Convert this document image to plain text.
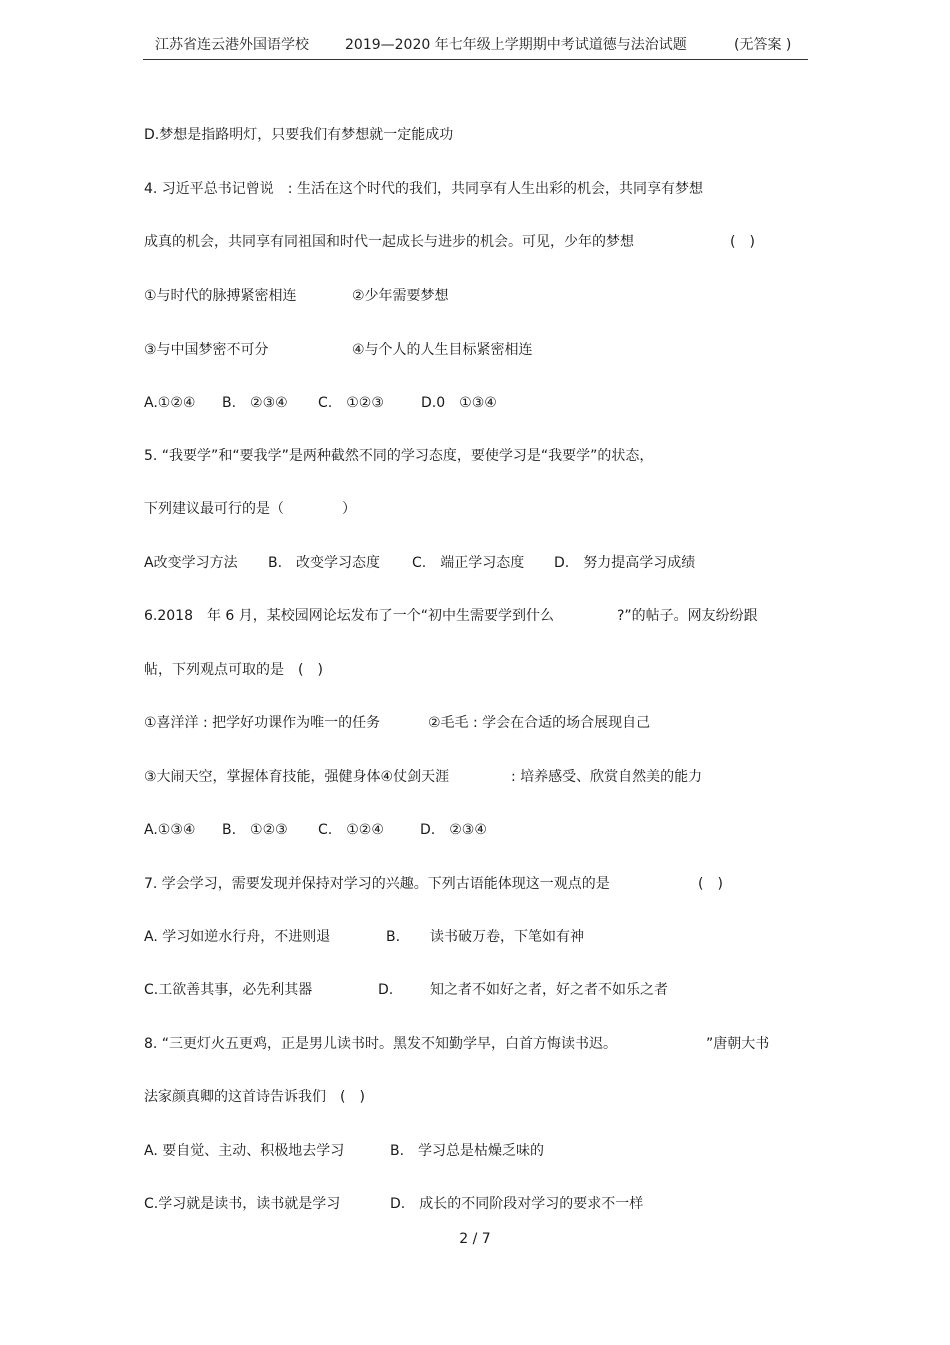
江苏省连云港外国语学校	2019—2020 年七年级上学期期中考试道德与法治试题	(无答案 )
D.梦想是指路明灯，只要我们有梦想就一定能成功
4. 习近平总书记曾说　: 生活在这个时代的我们，共同享有人生出彩的机会，共同享有梦想
成真的机会，共同享有同祖国和时代一起成长与进步的机会。可见，少年的梦想	(　)
①与时代的脉搏紧密相连	②少年需要梦想
③与中国梦密不可分	④与个人的人生目标紧密相连
A.①②④ B.　②③④ C.　①②③	D.0　①③④
5. “我要学”和“要我学”是两种截然不同的学习态度，要使学习是“我要学”的状态，
下列建议最可行的是（	）
A改变学习方法 B.　改变学习态度 C.　端正学习态度 D.　努力提高学习成绩
6.2018　年 6 月，某校园网论坛发布了一个“初中生需要学到什么	?”的帖子。网友纷纷跟
帖，下列观点可取的是　(　)
①喜洋洋 : 把学好功课作为唯一的任务	②毛毛 : 学会在合适的场合展现自己
③大闹天空，掌握体育技能，强健身体④仗剑天涯	: 培养感受、欣赏自然美的能力
A.①③④ B.　①②③ C.　①②④	D.　②③④
7. 学会学习，需要发现并保持对学习的兴趣。下列古语能体现这一观点的是	(　)
A. 学习如逆水行舟，不进则退	B. 读书破万卷，下笔如有神
C.工欲善其事，必先利其器	D.	知之者不如好之者，好之者不如乐之者
8. “三更灯火五更鸡，正是男儿读书时。黑发不知勤学早，白首方悔读书迟。	”唐朝大书
法家颜真卿的这首诗告诉我们　(　)
A. 要自觉、主动、积极地去学习	B.　学习总是枯燥乏味的
C.学习就是读书，读书就是学习	D.　成长的不同阶段对学习的要求不一样
2 / 7
